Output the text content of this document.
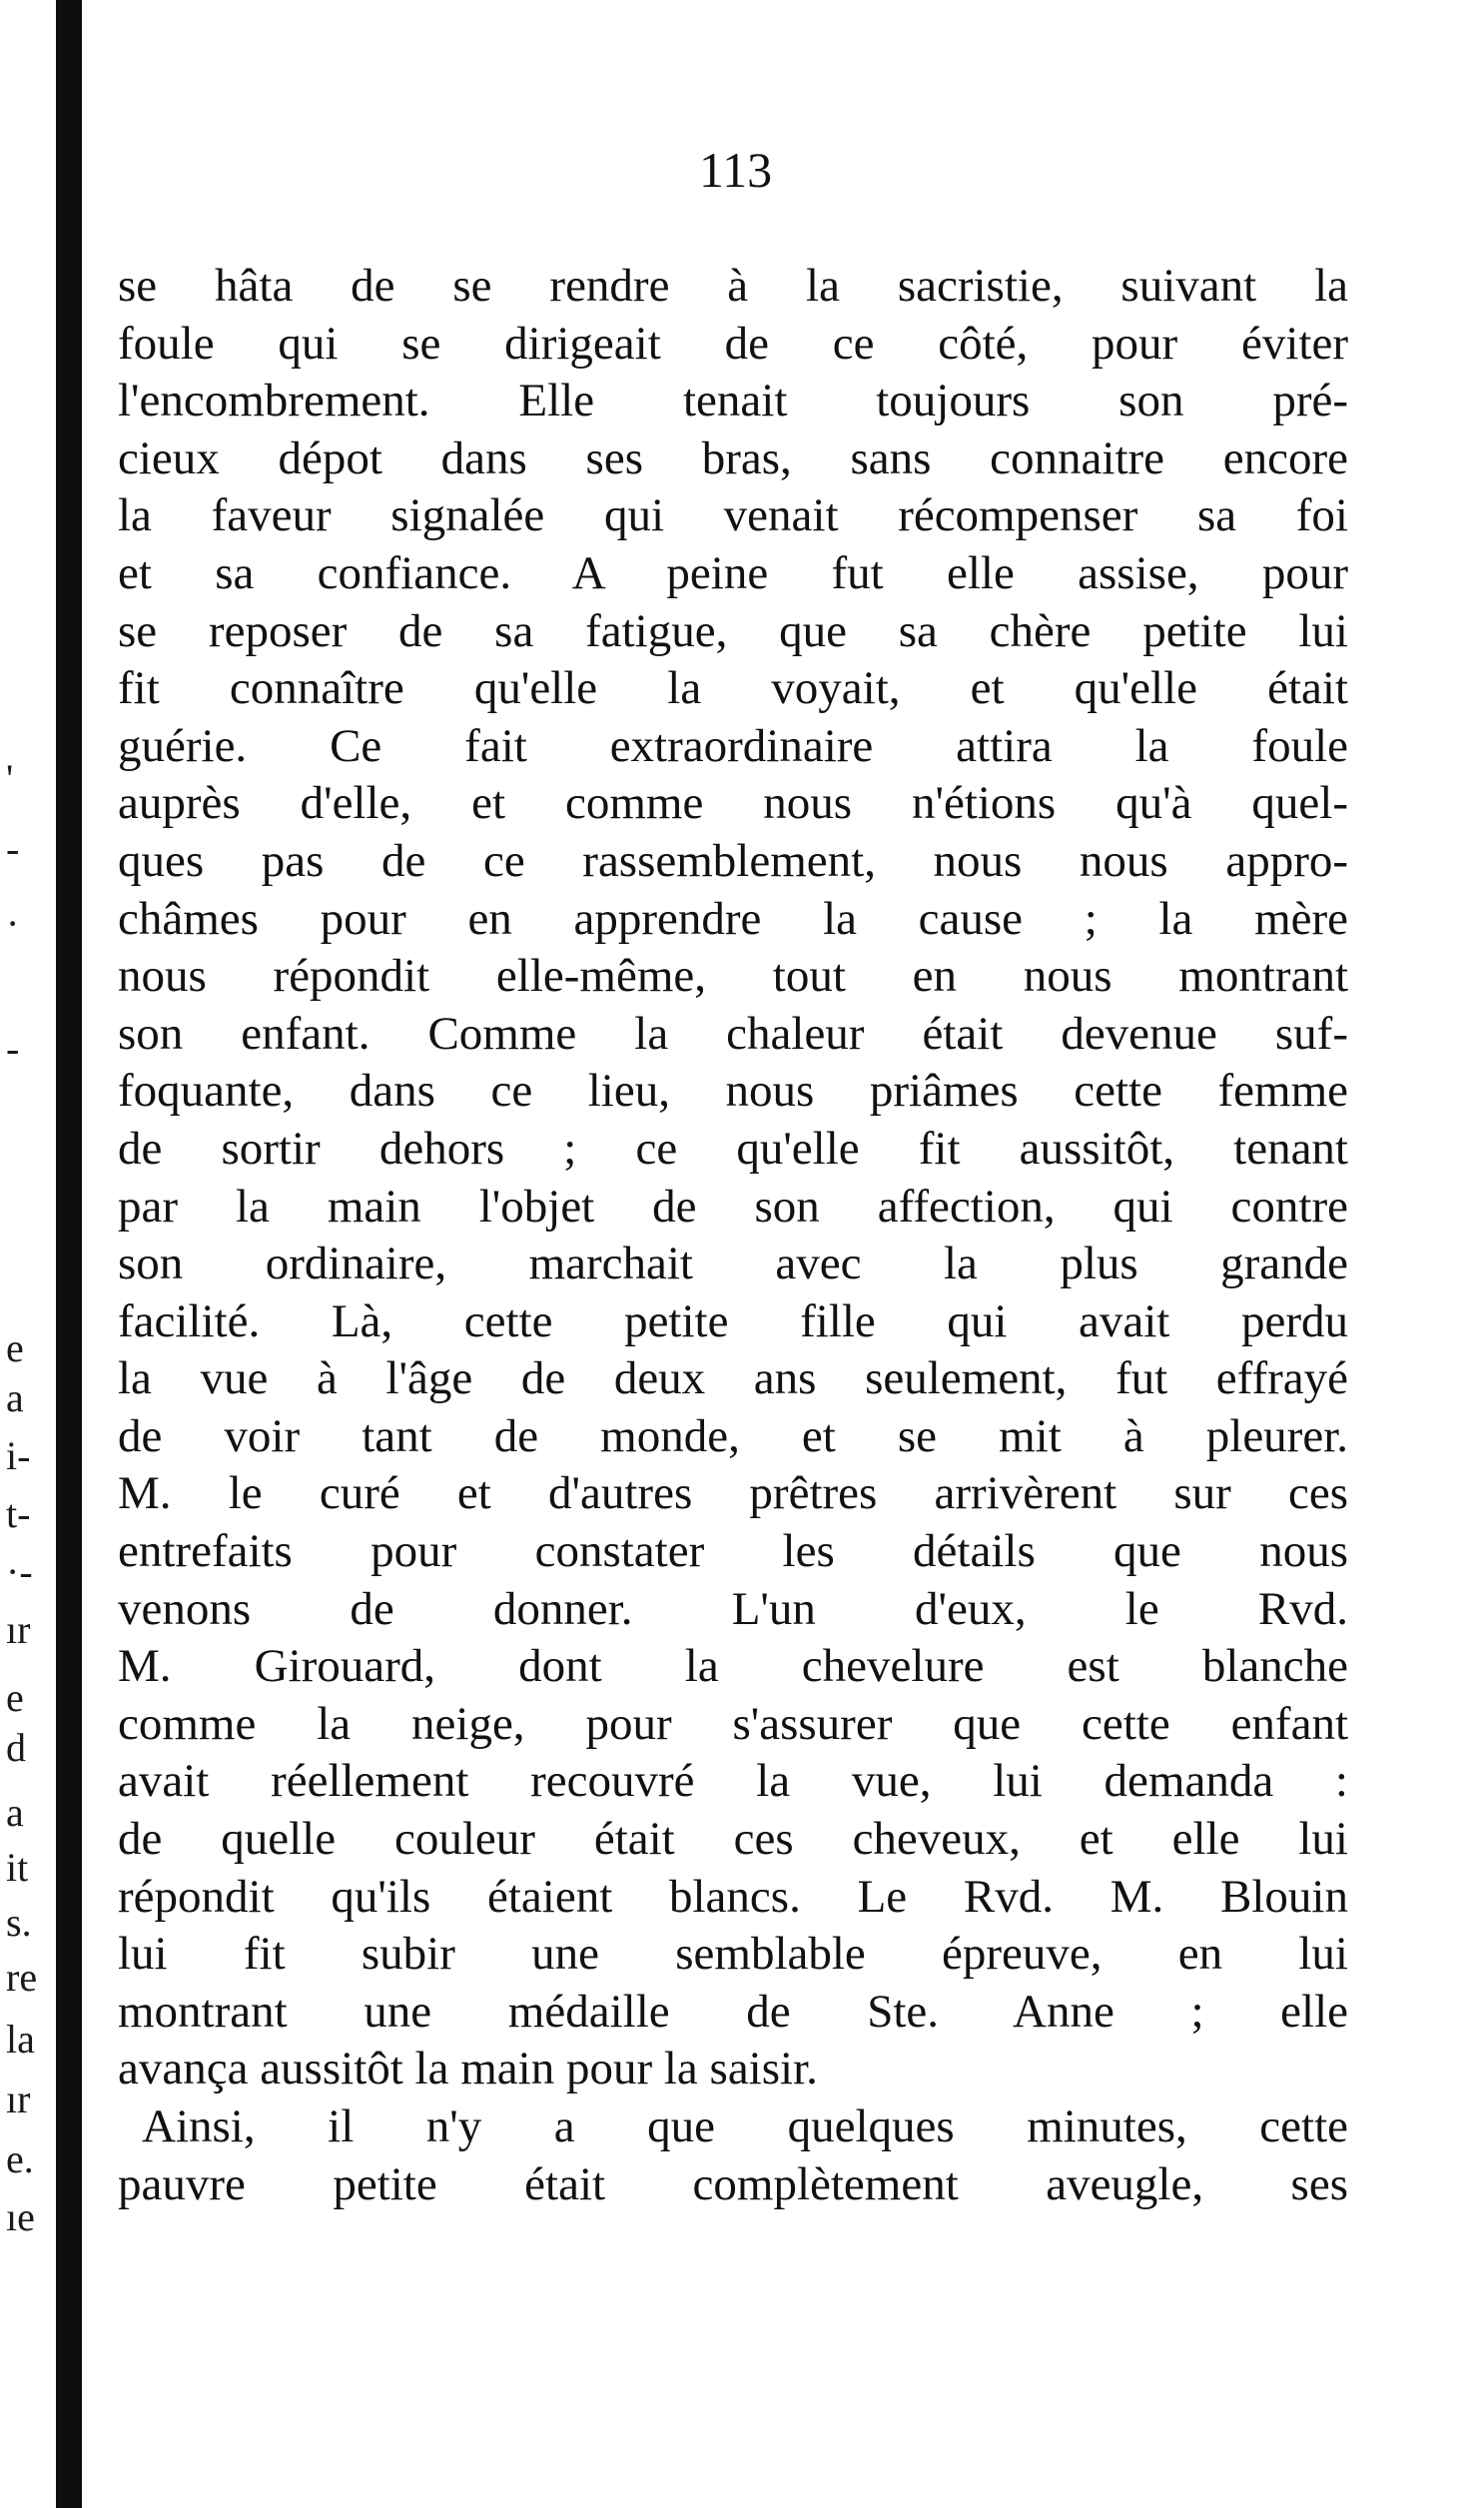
'
-
·
-
e
a
i-
t-
·-
ır
e
d
a
it
s.
re
la
ır
e.
ıe
113
se hâta de se rendre à la sacristie, suivant la
foule qui se dirigeait de ce côté, pour éviter
l'encombrement. Elle tenait toujours son pré-
cieux dépot dans ses bras, sans connaitre encore
la faveur signalée qui venait récompenser sa foi
et sa confiance. A peine fut elle assise, pour
se reposer de sa fatigue, que sa chère petite lui
fit connaître qu'elle la voyait, et qu'elle était
guérie. Ce fait extraordinaire attira la foule
auprès d'elle, et comme nous n'étions qu'à quel-
ques pas de ce rassemblement, nous nous appro-
châmes pour en apprendre la cause ; la mère
nous répondit elle-même, tout en nous montrant
son enfant. Comme la chaleur était devenue suf-
foquante, dans ce lieu, nous priâmes cette femme
de sortir dehors ; ce qu'elle fit aussitôt, tenant
par la main l'objet de son affection, qui contre
son ordinaire, marchait avec la plus grande
facilité. Là, cette petite fille qui avait perdu
la vue à l'âge de deux ans seulement, fut effrayé
de voir tant de monde, et se mit à pleurer.
M. le curé et d'autres prêtres arrivèrent sur ces
entrefaits pour constater les détails que nous
venons de donner. L'un d'eux, le Rvd.
M. Girouard, dont la chevelure est blanche
comme la neige, pour s'assurer que cette enfant
avait réellement recouvré la vue, lui demanda :
de quelle couleur était ces cheveux, et elle lui
répondit qu'ils étaient blancs. Le Rvd. M. Blouin
lui fit subir une semblable épreuve, en lui
montrant une médaille de Ste. Anne ; elle
avança aussitôt la main pour la saisir.
Ainsi, il n'y a que quelques minutes, cette
pauvre petite était complètement aveugle, ses
